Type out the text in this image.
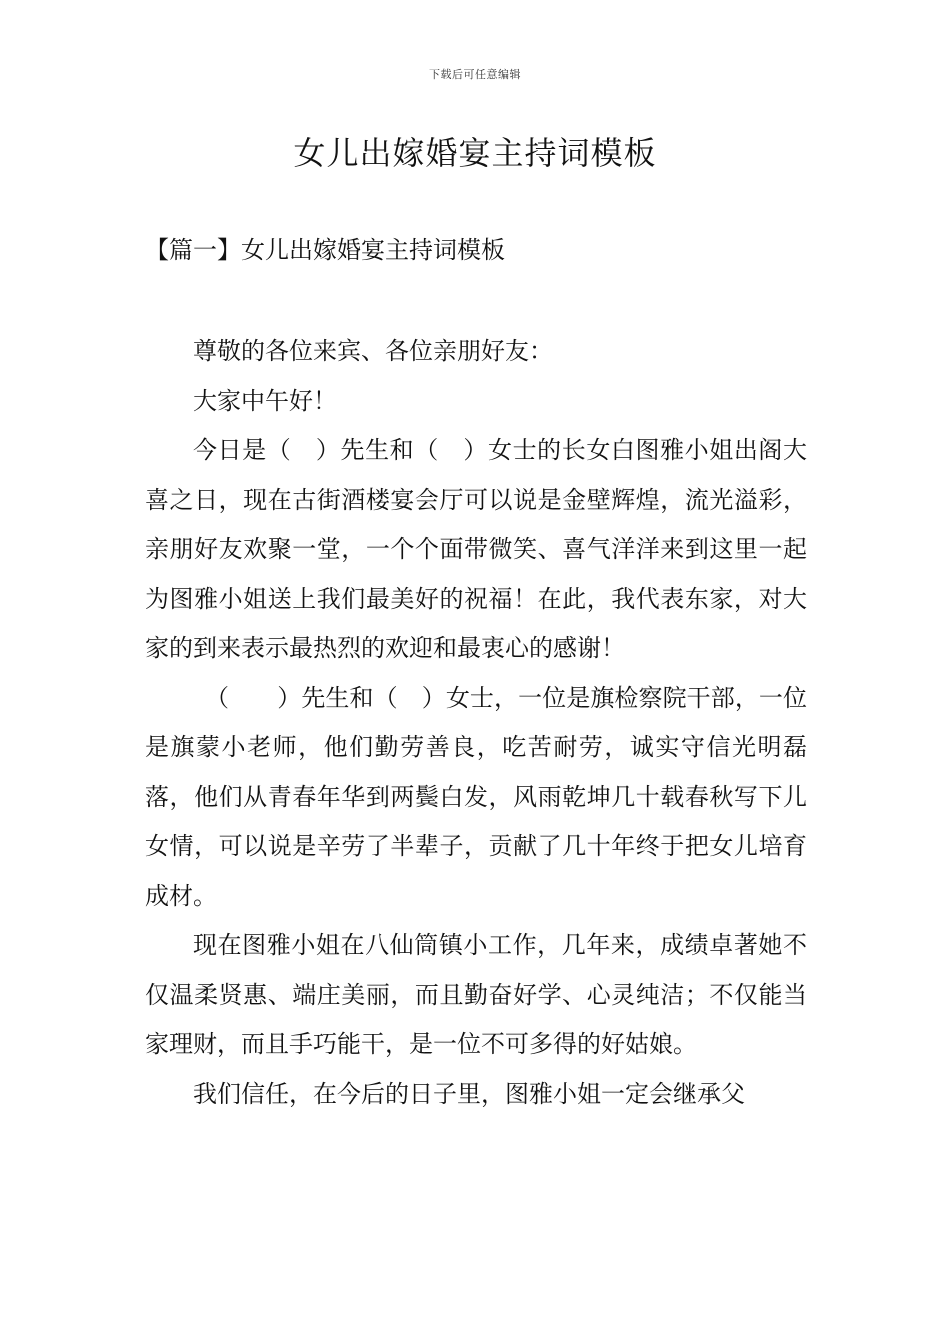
下载后可任意编辑
女儿出嫁婚宴主持词模板
【篇一】女儿出嫁婚宴主持词模板

尊敬的各位来宾、各位亲朋好友：

大家中午好！

今日是（　）先生和（　）女士的长女白图雅小姐出阁大喜之日，现在古街酒楼宴会厅可以说是金壁辉煌，流光溢彩，亲朋好友欢聚一堂，一个个面带微笑、喜气洋洋来到这里一起为图雅小姐送上我们最美好的祝福！在此，我代表东家，对大家的到来表示最热烈的欢迎和最衷心的感谢！

（　　）先生和（　）女士，一位是旗检察院干部，一位是旗蒙小老师，他们勤劳善良，吃苦耐劳，诚实守信光明磊落，他们从青春年华到两鬓白发，风雨乾坤几十载春秋写下儿女情，可以说是辛劳了半辈子，贡献了几十年终于把女儿培育成材。

现在图雅小姐在八仙筒镇小工作，几年来，成绩卓著她不仅温柔贤惠、端庄美丽，而且勤奋好学、心灵纯洁；不仅能当家理财，而且手巧能干，是一位不可多得的好姑娘。

我们信任，在今后的日子里，图雅小姐一定会继承父
